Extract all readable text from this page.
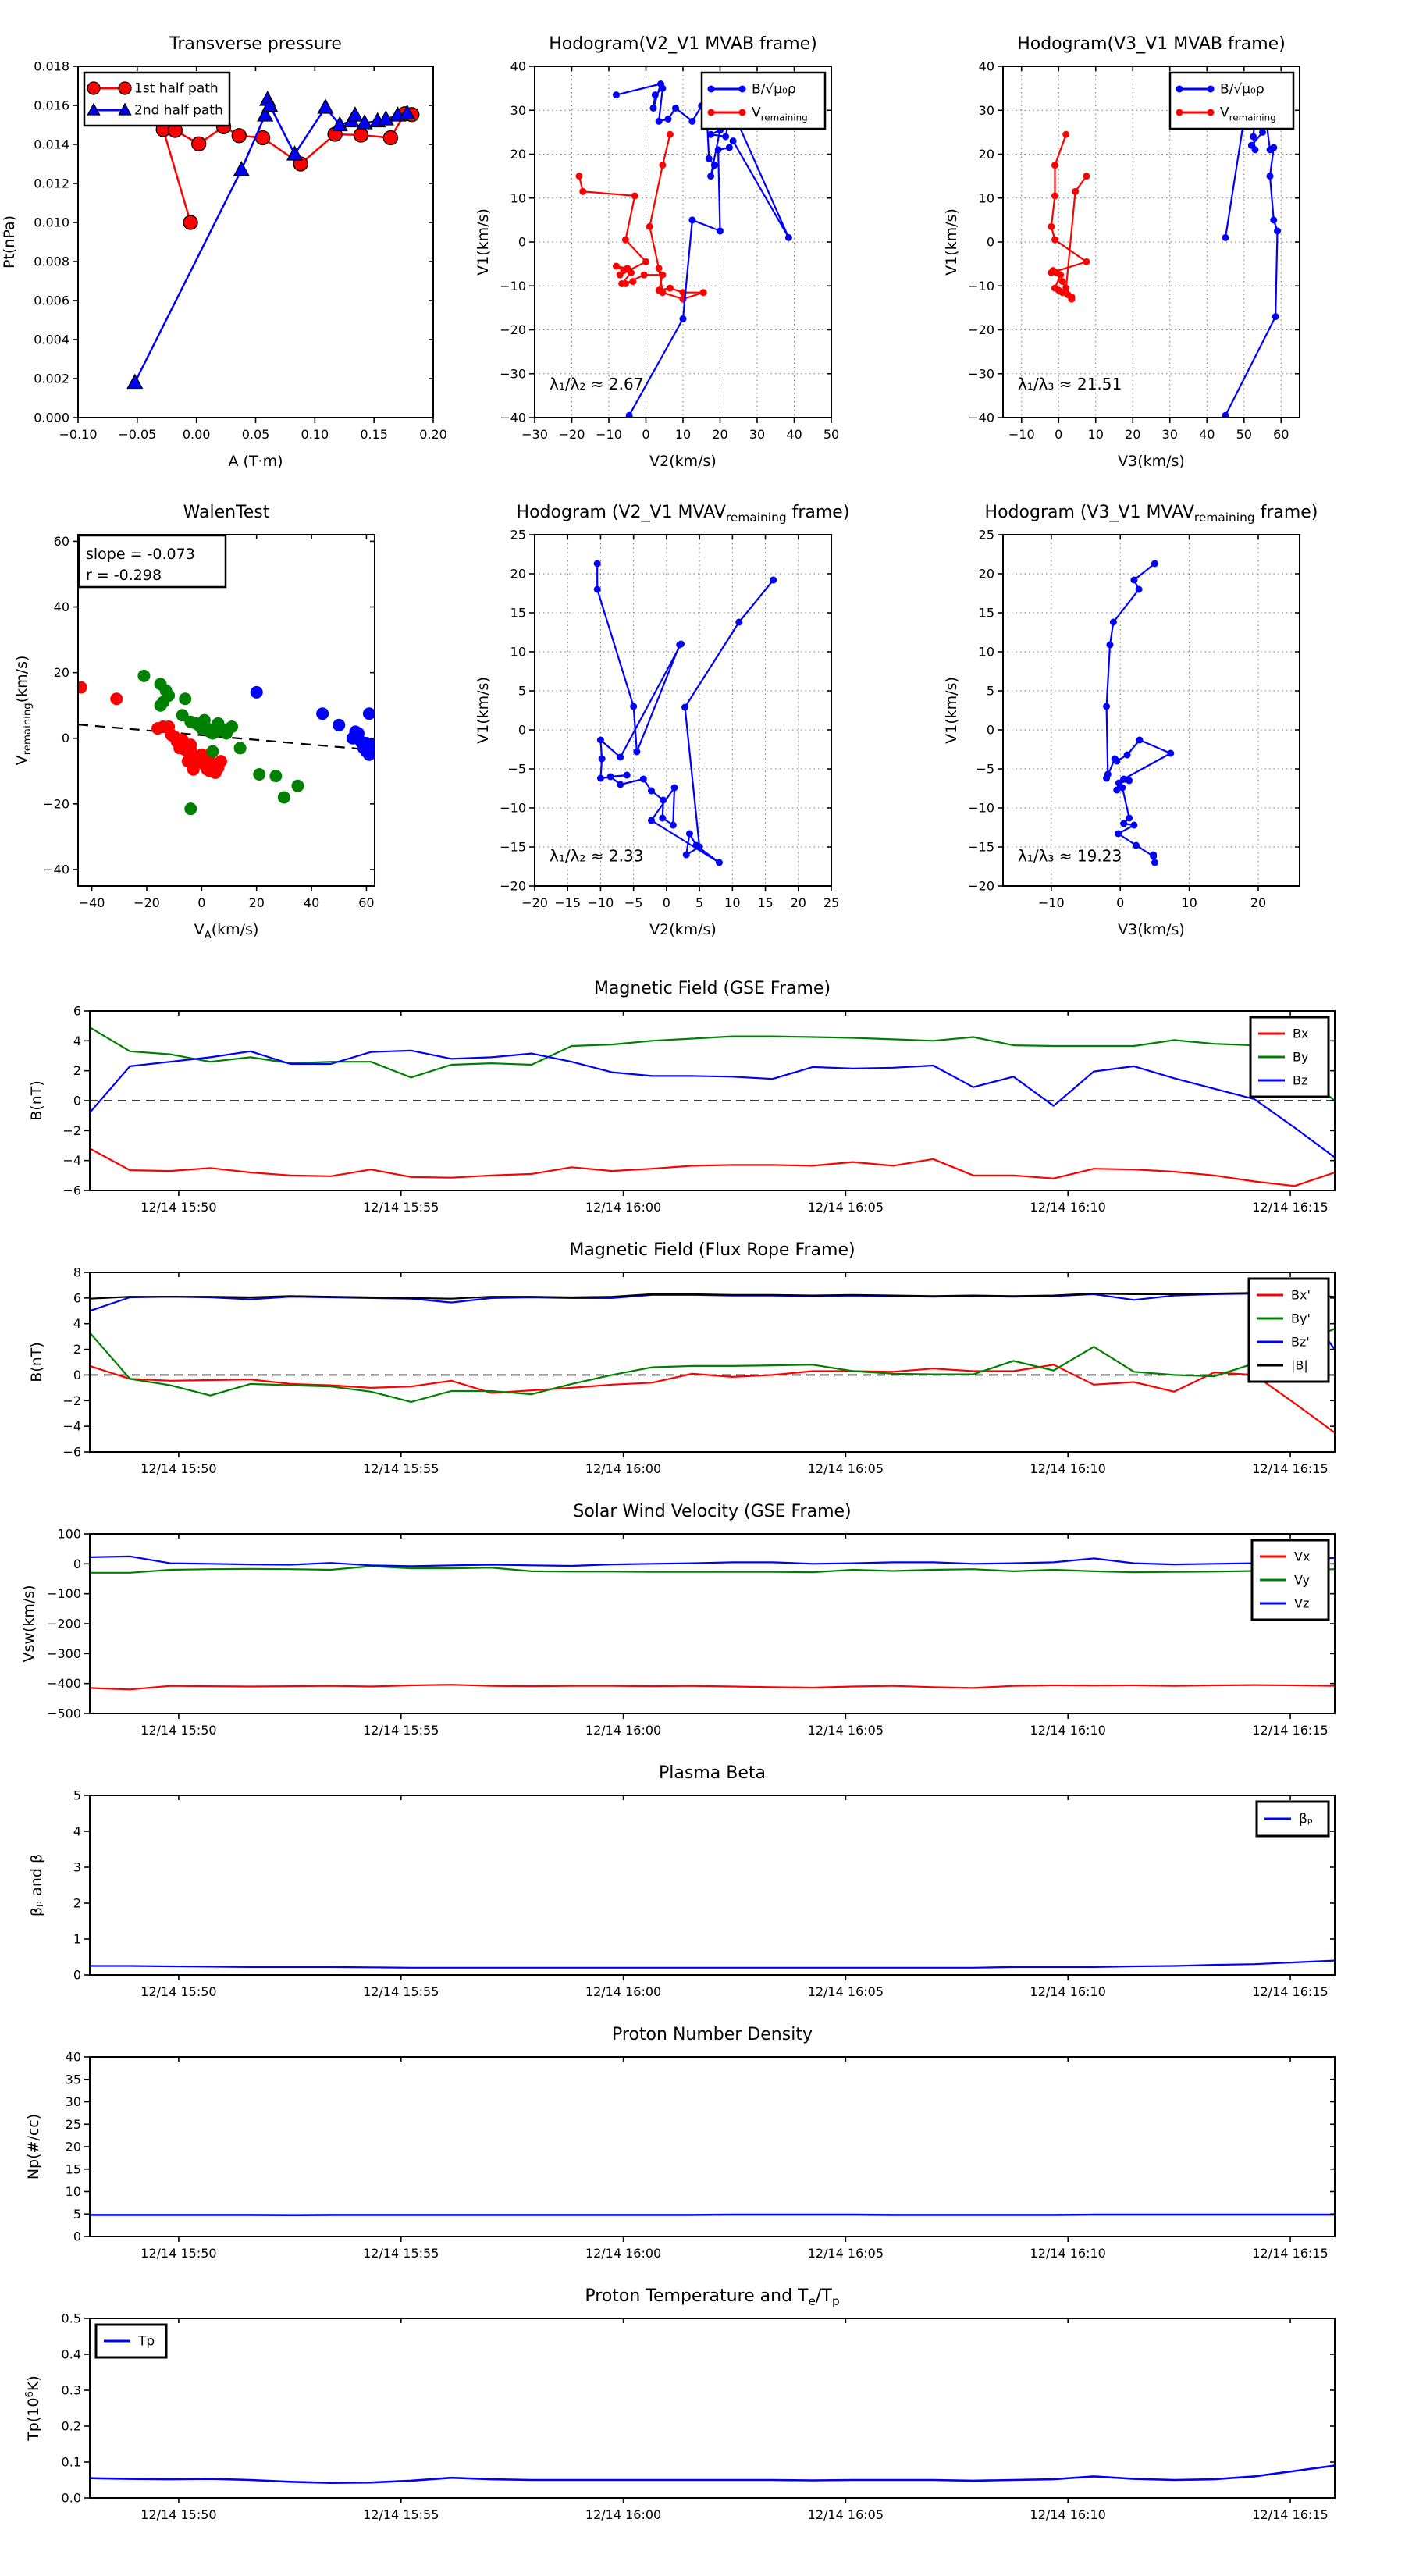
−0.10 −0.05 0.00	0.05	0.10	0.15	0.20
0.000
0.002
0.004
0.006
0.008
0.010
0.012
0.014
0.016
0.018
Transverse pressure
A (T·m)
Pt(nPa)
1st half path
2nd half path
−30 −20 −10 0 10 20 30 40 50
−40
−30
−20
−10
0
10
20
30
40
Hodogram(V2_V1 MVAB frame)
V2(km/s)
V1(km/s)
λ₁/λ₂ ≈ 2.67
B/√μ₀ρ
$V_{remaining}$
−10 0 10 20 30 40 50 60
−40
−30
−20
−10
0
10
20
30
40
Hodogram(V3_V1 MVAB frame)
V3(km/s)
V1(km/s)
λ₁/λ₃ ≈ 21.51
B/√μ₀ρ
$V_{remaining}$
−40 −20	0	20	40	60
−40
−20
0
20
40
60
WalenTest
$V_A(km/s)$
$V_{remaining}(km/s)$
slope = -0.073
r = -0.298
−20 −15 −10 −5 0 5 10 15 20 25
−20
−15
−10
−5
0
5
10
15
20
25
Hodogram (V2_V1 $MVAV_{remaining}$ frame)
V2(km/s)
V1(km/s)
λ₁/λ₂ ≈ 2.33
−10	0	10	20
−20
−15
−10
−5
0
5
10
15
20
25
Hodogram (V3_V1 $MVAV_{remaining}$ frame)
V3(km/s)
V1(km/s)
λ₁/λ₃ ≈ 19.23
12/14 15:50	12/14 15:55	12/14 16:00	12/14 16:05	12/14 16:10	12/14 16:15
−6
−4
−2
0
2
4
6
Magnetic Field (GSE Frame)
B(nT)
Bx
By
Bz
12/14 15:50	12/14 15:55	12/14 16:00	12/14 16:05	12/14 16:10	12/14 16:15
−6
−4
−2
0
2
4
6
8
Magnetic Field (Flux Rope Frame)
B(nT)
Bx'
By'
Bz'
|B|
12/14 15:50	12/14 15:55	12/14 16:00	12/14 16:05	12/14 16:10	12/14 16:15
−500
−400
−300
−200
−100
0
100
Solar Wind Velocity (GSE Frame)
Vsw(km/s)
Vx
Vy
Vz
12/14 15:50	12/14 15:55	12/14 16:00	12/14 16:05	12/14 16:10	12/14 16:15
0
1
2
3
4
5
Plasma Beta
βₚ and β
βₚ
12/14 15:50	12/14 15:55	12/14 16:00	12/14 16:05	12/14 16:10	12/14 16:15
0
5
10
15
20
25
30
35
40
Proton Number Density
Np(#/cc)
12/14 15:50	12/14 15:55	12/14 16:00	12/14 16:05	12/14 16:10	12/14 16:15
0.0
0.1
0.2
0.3
0.4
0.5
Proton Temperature and $T_e/T_p$
$Tp(10^6K)$
Tp
